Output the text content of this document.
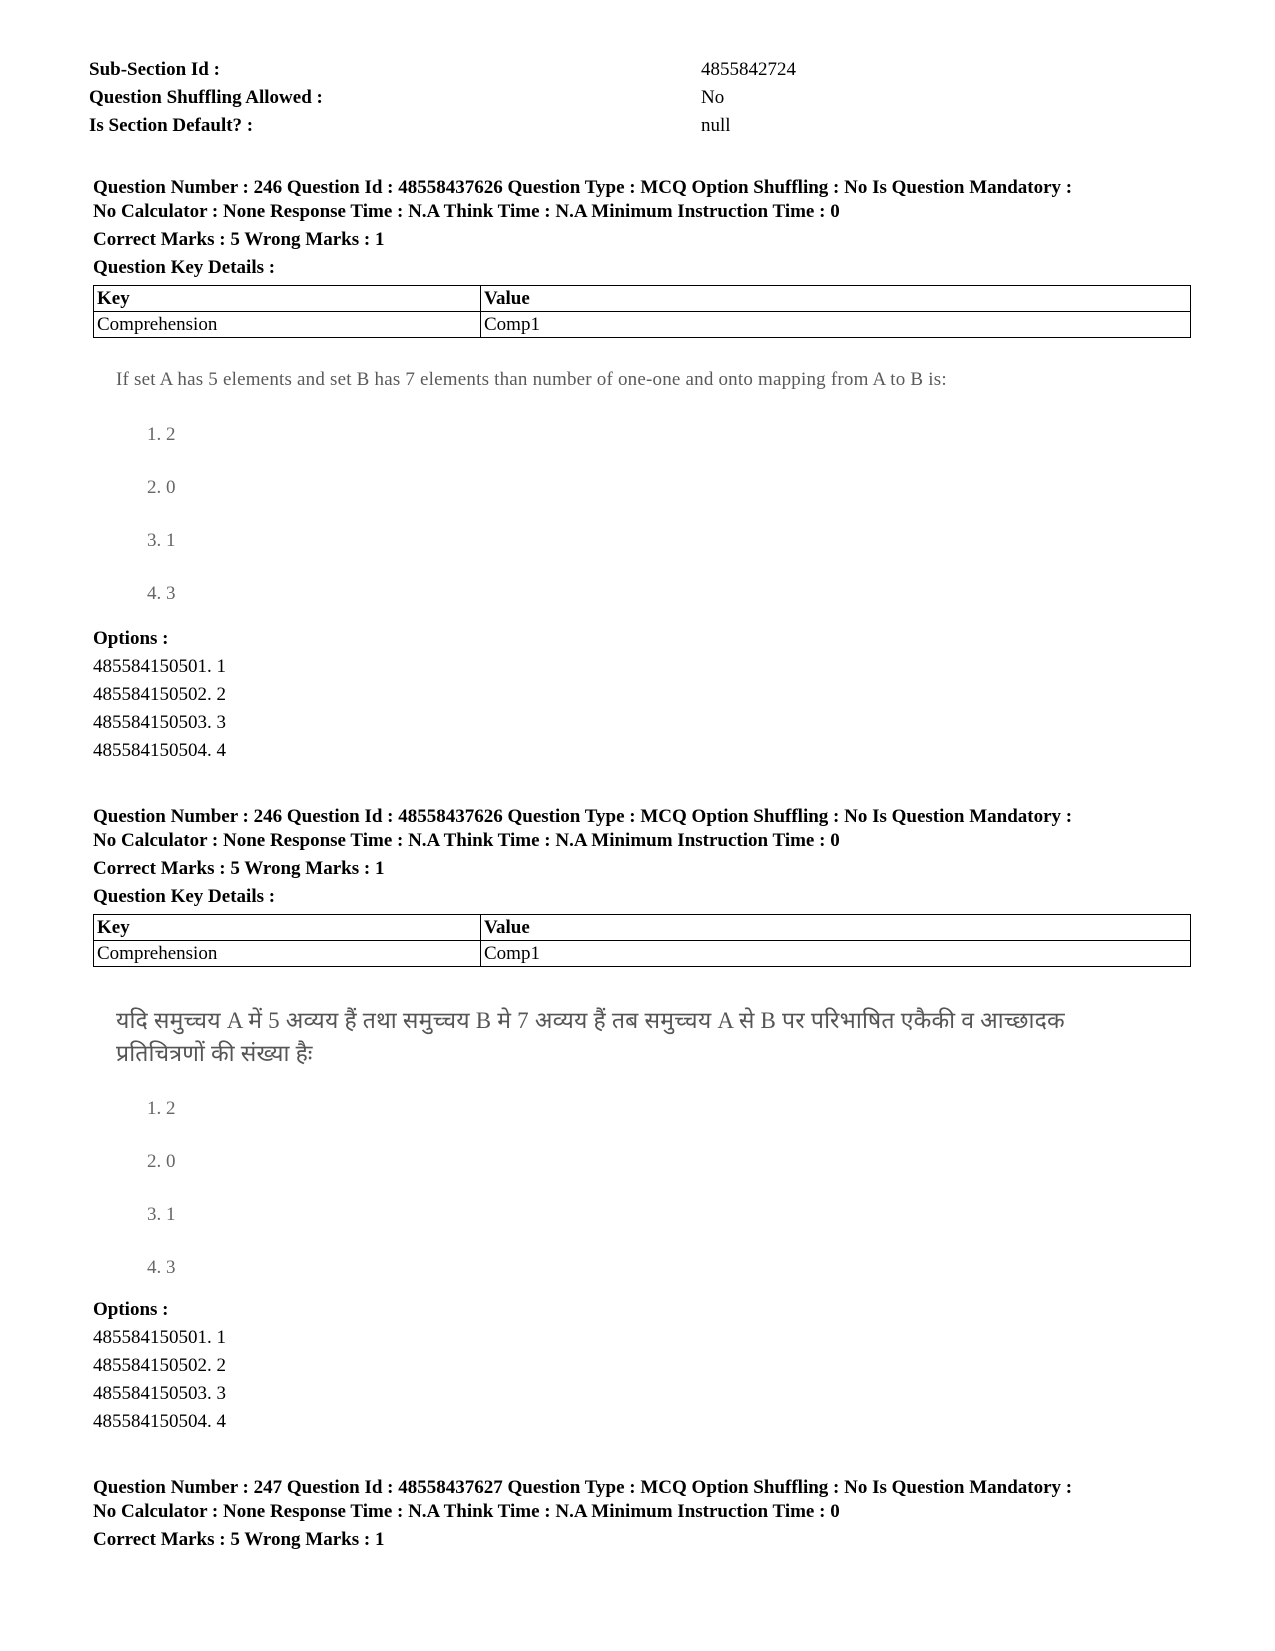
Sub-Section Id :	4855842724
Question Shuffling Allowed :	No
Is Section Default? :	null
Question Number : 246 Question Id : 48558437626 Question Type : MCQ Option Shuffling : No Is Question Mandatory :
No Calculator : None Response Time : N.A Think Time : N.A Minimum Instruction Time : 0
Correct Marks : 5 Wrong Marks : 1
Question Key Details :
Key	Value
Comprehension	Comp1
If set A has 5 elements and set B has 7 elements than number of one-one and onto mapping from A to B is:
1. 2
2. 0
3. 1
4. 3
Options :
485584150501. 1
485584150502. 2
485584150503. 3
485584150504. 4
Question Number : 246 Question Id : 48558437626 Question Type : MCQ Option Shuffling : No Is Question Mandatory :
No Calculator : None Response Time : N.A Think Time : N.A Minimum Instruction Time : 0
Correct Marks : 5 Wrong Marks : 1
Question Key Details :
Key	Value
Comprehension	Comp1
यदि समुच्चय A में 5 अव्यय हैं तथा समुच्चय B मे 7 अव्यय हैं तब समुच्चय A से B पर परिभाषित एकैकी व आच्छादक
प्रतिचित्रणों की संख्या हैः
1. 2
2. 0
3. 1
4. 3
Options :
485584150501. 1
485584150502. 2
485584150503. 3
485584150504. 4
Question Number : 247 Question Id : 48558437627 Question Type : MCQ Option Shuffling : No Is Question Mandatory :
No Calculator : None Response Time : N.A Think Time : N.A Minimum Instruction Time : 0
Correct Marks : 5 Wrong Marks : 1
